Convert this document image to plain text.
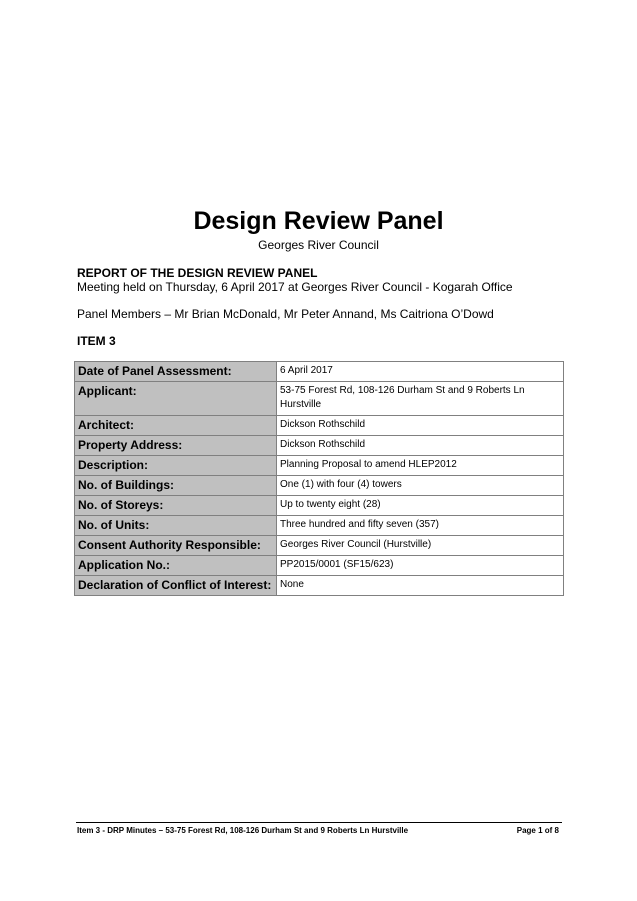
Design Review Panel
Georges River Council
REPORT OF THE DESIGN REVIEW PANEL
Meeting held on Thursday, 6 April 2017 at Georges River Council - Kogarah Office
Panel Members – Mr Brian McDonald, Mr Peter Annand, Ms Caitriona O’Dowd
ITEM 3
Date of Panel Assessment:	6 April 2017
Applicant:	53-75 Forest Rd, 108-126 Durham St and 9 Roberts Ln Hurstville
Architect:	Dickson Rothschild
Property Address:	Dickson Rothschild
Description:	Planning Proposal to amend HLEP2012
No. of Buildings:	One (1) with four (4) towers
No. of Storeys:	Up to twenty eight (28)
No. of Units:	Three hundred and fifty seven (357)
Consent Authority Responsible:	Georges River Council (Hurstville)
Application No.:	PP2015/0001 (SF15/623)
Declaration of Conflict of Interest:	None
Item 3 - DRP Minutes – 53-75 Forest Rd, 108-126 Durham St and 9 Roberts Ln Hurstville	Page 1 of 8
